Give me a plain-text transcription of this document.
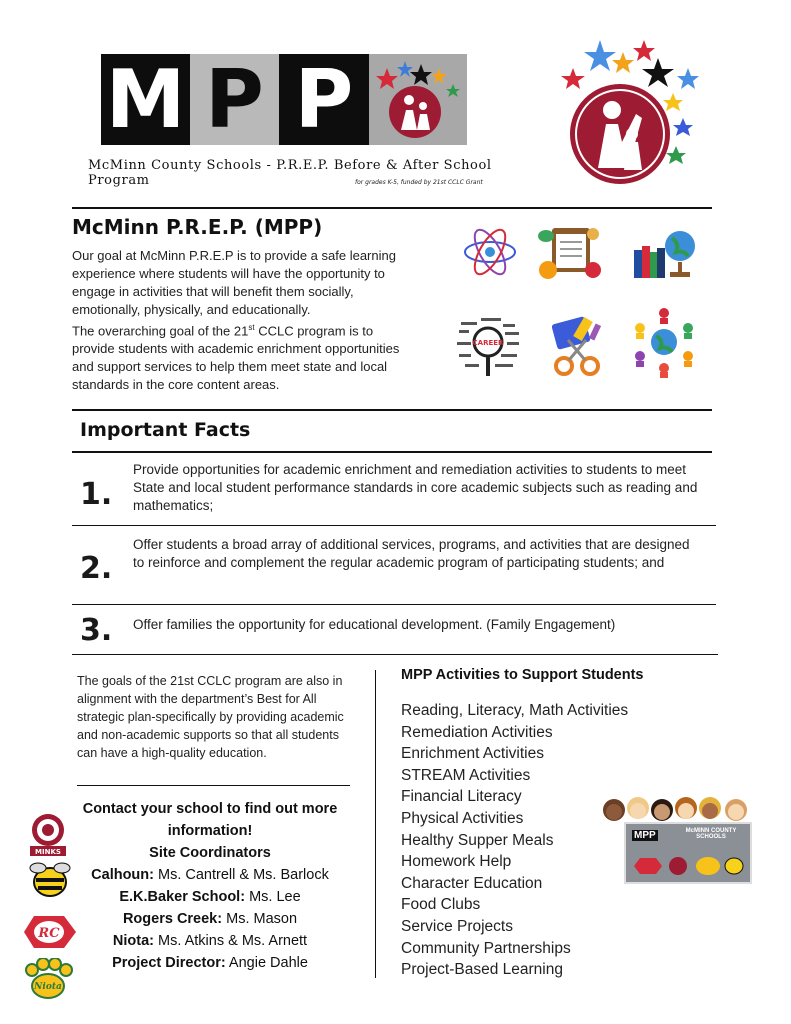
M P P
McMinn County Schools - P.R.E.P. Before & After School Program	for grades K-5, funded by 21st CCLC Grant
McMinn P.R.E.P. (MPP)

Our goal at McMinn P.R.E.P is to provide a safe learning experience where students will have the opportunity to engage in activities that will benefit them socially, emotionally, physically, and educationally.

The overarching goal of the 21st CCLC program is to provide students with academic enrichment opportunities and support services to help them meet state and local standards in the core content areas.

CAREER
Important Facts
1.
Provide opportunities for academic enrichment and remediation activities to students to meet State and local student performance standards in core academic subjects such as reading and mathematics;
2.
Offer students a broad array of additional services, programs, and activities that are designed to reinforce and complement the regular academic program of participating students; and
3. Offer families the opportunity for educational development. (Family Engagement)
The goals of the 21st CCLC program are also in alignment with the department’s Best for All strategic plan-specifically by providing academic and non-academic supports so that all students can have a high-quality education.
Contact your school to find out more information!
Site Coordinators
Calhoun: Ms. Cantrell & Ms. Barlock
E.K.Baker School: Ms. Lee
Rogers Creek: Ms. Mason
Niota: Ms. Atkins & Ms. Arnett
Project Director: Angie Dahle
MINKS
RC
Niota
MPP Activities to Support Students
Reading, Literacy, Math Activities
Remediation Activities
Enrichment Activities
STREAM Activities
Financial Literacy
Physical Activities
Healthy Supper Meals
Homework Help
Character Education
Food Clubs
Service Projects
Community Partnerships
Project-Based Learning
MPP	McMINN COUNTY SCHOOLS
